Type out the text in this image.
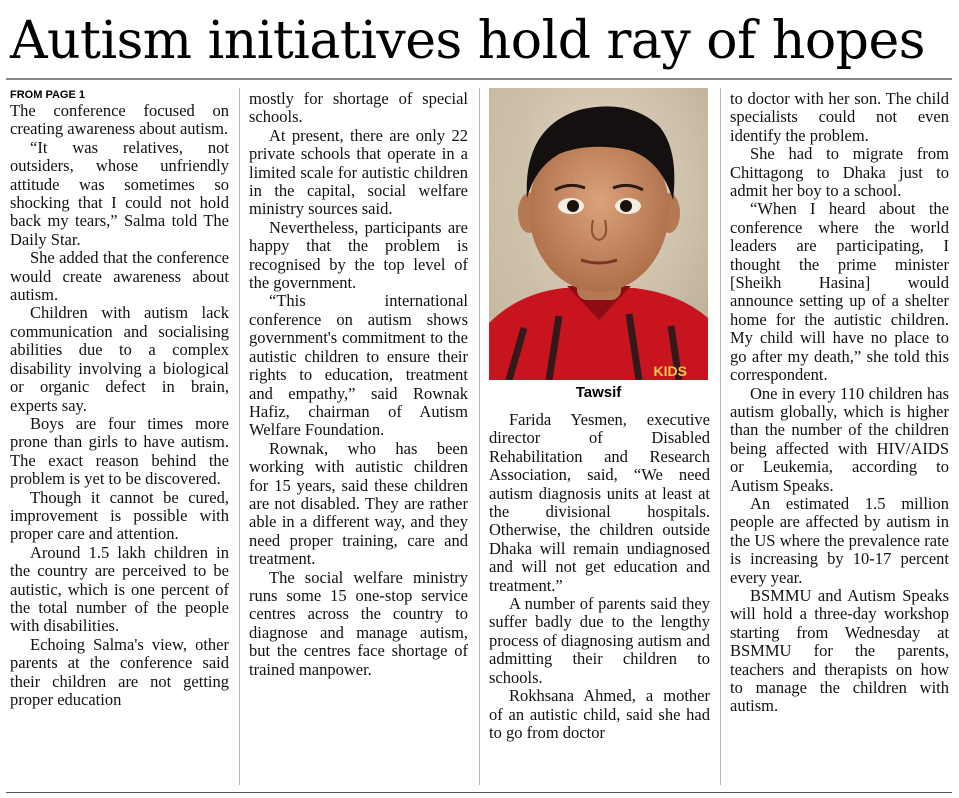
Autism initiatives hold ray of hopes

FROM PAGE 1

The conference focused on creating awareness about autism.

“It was relatives, not outsiders, whose unfriendly attitude was sometimes so shocking that I could not hold back my tears,” Salma told The Daily Star.

She added that the conference would create awareness about autism.

Children with autism lack communication and socialising abilities due to a complex disability involving a biological or organic defect in brain, experts say.

Boys are four times more prone than girls to have autism. The exact reason behind the problem is yet to be discovered.

Though it cannot be cured, improvement is possible with proper care and attention.

Around 1.5 lakh children in the country are perceived to be autistic, which is one percent of the total number of the people with disabilities.

Echoing Salma's view, other parents at the conference said their children are not getting proper education

mostly for shortage of special schools.

At present, there are only 22 private schools that operate in a limited scale for autistic children in the capital, social welfare ministry sources said.

Nevertheless, participants are happy that the problem is recognised by the top level of the government.

“This international conference on autism shows government's commitment to the autistic children to ensure their rights to education, treatment and empathy,” said Rownak Hafiz, chairman of Autism Welfare Foundation.

Rownak, who has been working with autistic children for 15 years, said these children are not disabled. They are rather able in a different way, and they need proper training, care and treatment.

The social welfare ministry runs some 15 one-stop service centres across the country to diagnose and manage autism, but the centres face shortage of trained manpower.

KIDS
Tawsif

Farida Yesmen, executive director of Disabled Rehabilitation and Research Association, said, “We need autism diagnosis units at least at the divisional hospitals. Otherwise, the children outside Dhaka will remain undiagnosed and will not get education and treatment.”

A number of parents said they suffer badly due to the lengthy process of diagnosing autism and admitting their children to schools.

Rokhsana Ahmed, a mother of an autistic child, said she had to go from doctor

to doctor with her son. The child specialists could not even identify the problem.

She had to migrate from Chittagong to Dhaka just to admit her boy to a school.

“When I heard about the conference where the world leaders are participating, I thought the prime minister [Sheikh Hasina] would announce setting up of a shelter home for the autistic children. My child will have no place to go after my death,” she told this correspondent.

One in every 110 children has autism globally, which is higher than the number of the children being affected with HIV/AIDS or Leukemia, according to Autism Speaks.

An estimated 1.5 million people are affected by autism in the US where the prevalence rate is increasing by 10-17 percent every year.

BSMMU and Autism Speaks will hold a three-day workshop starting from Wednesday at BSMMU for the parents, teachers and therapists on how to manage the children with autism.
